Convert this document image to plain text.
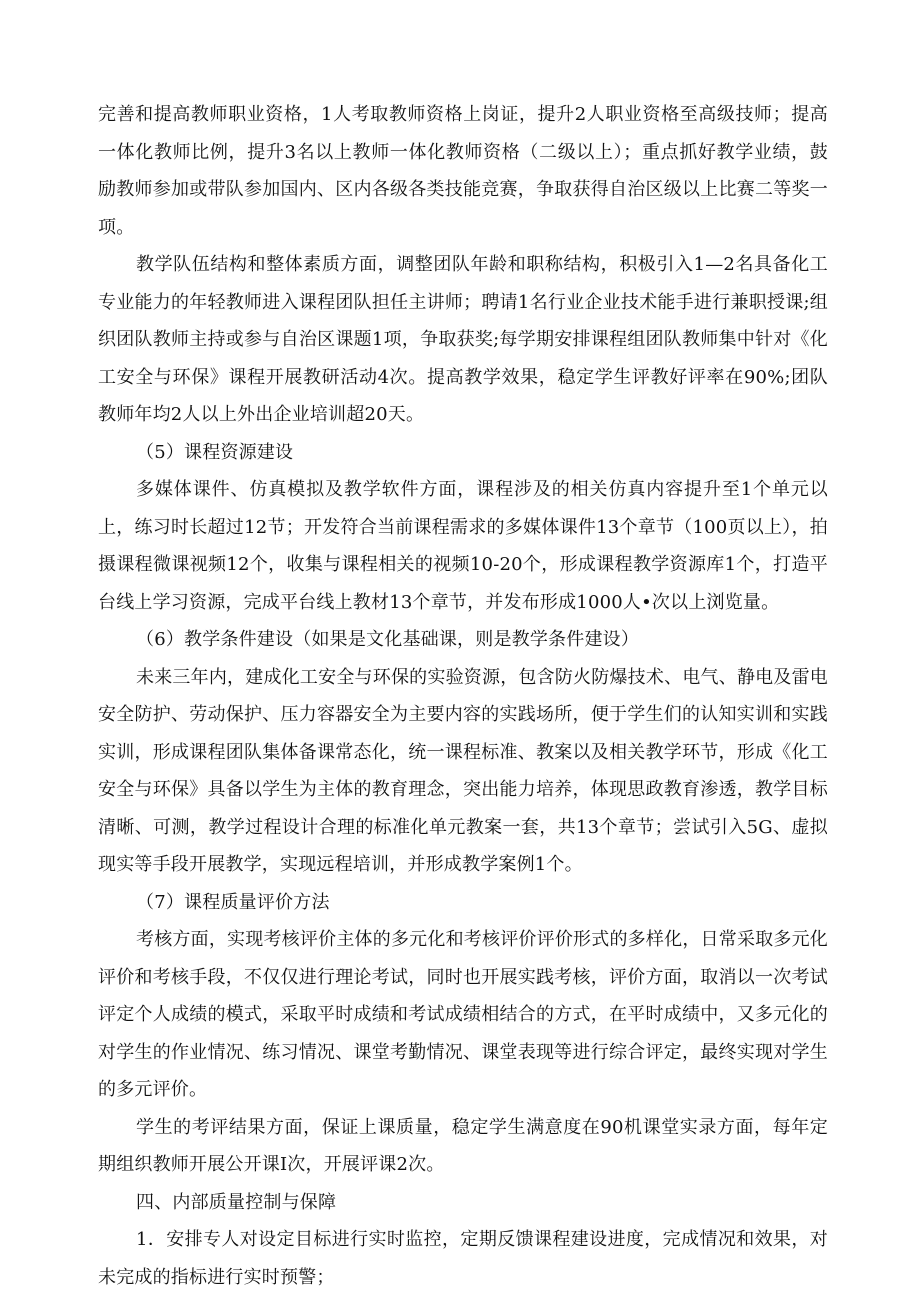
完善和提高教师职业资格，1人考取教师资格上岗证，提升2人职业资格至高级技师；提高一体化教师比例，提升3名以上教师一体化教师资格（二级以上）；重点抓好教学业绩，鼓励教师参加或带队参加国内、区内各级各类技能竞赛，争取获得自治区级以上比赛二等奖一项。

教学队伍结构和整体素质方面，调整团队年龄和职称结构，积极引入1—2名具备化工专业能力的年轻教师进入课程团队担任主讲师；聘请1名行业企业技术能手进行兼职授课;组织团队教师主持或参与自治区课题1项，争取获奖;每学期安排课程组团队教师集中针对《化工安全与环保》课程开展教研活动4次。提高教学效果，稳定学生评教好评率在90%;团队教师年均2人以上外出企业培训超20天。

（5）课程资源建设

多媒体课件、仿真模拟及教学软件方面，课程涉及的相关仿真内容提升至1个单元以上，练习时长超过12节；开发符合当前课程需求的多媒体课件13个章节（100页以上），拍摄课程微课视频12个，收集与课程相关的视频10-20个，形成课程教学资源库1个，打造平台线上学习资源，完成平台线上教材13个章节，并发布形成1000人•次以上浏览量。

（6）教学条件建设（如果是文化基础课，则是教学条件建设）

未来三年内，建成化工安全与环保的实验资源，包含防火防爆技术、电气、静电及雷电安全防护、劳动保护、压力容器安全为主要内容的实践场所，便于学生们的认知实训和实践实训，形成课程团队集体备课常态化，统一课程标准、教案以及相关教学环节，形成《化工安全与环保》具备以学生为主体的教育理念，突出能力培养，体现思政教育渗透，教学目标清晰、可测，教学过程设计合理的标准化单元教案一套，共13个章节；尝试引入5G、虚拟现实等手段开展教学，实现远程培训，并形成教学案例1个。

（7）课程质量评价方法

考核方面，实现考核评价主体的多元化和考核评价评价形式的多样化，日常采取多元化评价和考核手段，不仅仅进行理论考试，同时也开展实践考核，评价方面，取消以一次考试评定个人成绩的模式，采取平时成绩和考试成绩相结合的方式，在平时成绩中，又多元化的对学生的作业情况、练习情况、课堂考勤情况、课堂表现等进行综合评定，最终实现对学生的多元评价。

学生的考评结果方面，保证上课质量，稳定学生满意度在90机课堂实录方面，每年定期组织教师开展公开课Ⅰ次，开展评课2次。

四、内部质量控制与保障

1．安排专人对设定目标进行实时监控，定期反馈课程建设进度，完成情况和效果，对未完成的指标进行实时预警；
